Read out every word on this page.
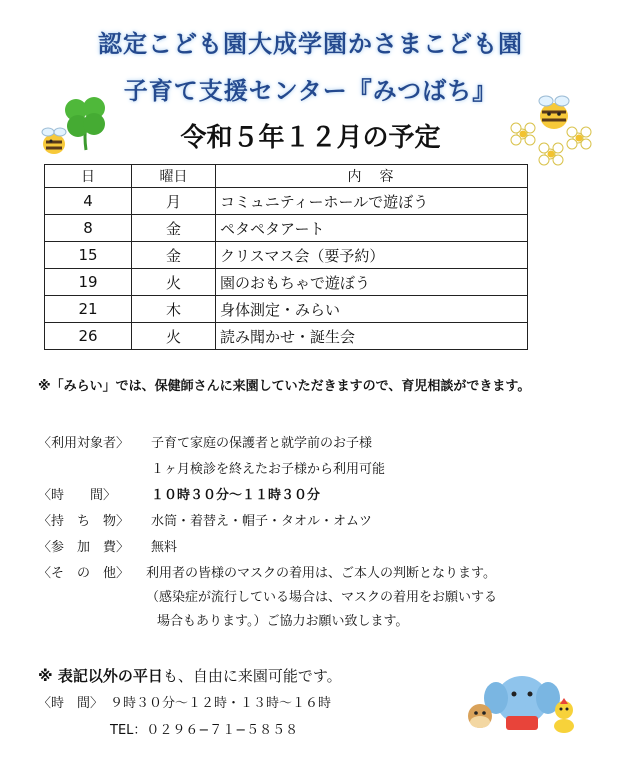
認定こども園大成学園かさまこども園
子育て支援センター『みつばち』
令和５年１２月の予定
日	曜日	内　容
4	月	コミュニティーホールで遊ぼう
8	金	ペタペタアート
15	金	クリスマス会（要予約）
19	火	園のおもちゃで遊ぼう
21	木	身体測定・みらい
26	火	読み聞かせ・誕生会
※「みらい」では、保健師さんに来園していただきますので、育児相談ができます。
〈利用対象者〉 子育て家庭の保護者と就学前のお子様
１ヶ月検診を終えたお子様から利用可能
〈時　　間〉	１０時３０分〜１１時３０分
〈持　ち　物〉 水筒・着替え・帽子・タオル・オムツ
〈参　加　費〉 無料
〈そ　の　他〉 利用者の皆様のマスクの着用は、ご本人の判断となります。
（感染症が流行している場合は、マスクの着用をお願いする
場合もあります。）ご協力お願い致します。
※ 表記以外の平日も、自由に来園可能です。
〈時　間〉 ９時３０分〜１２時・１３時〜１６時
TEL：０２９６−７１−５８５８
